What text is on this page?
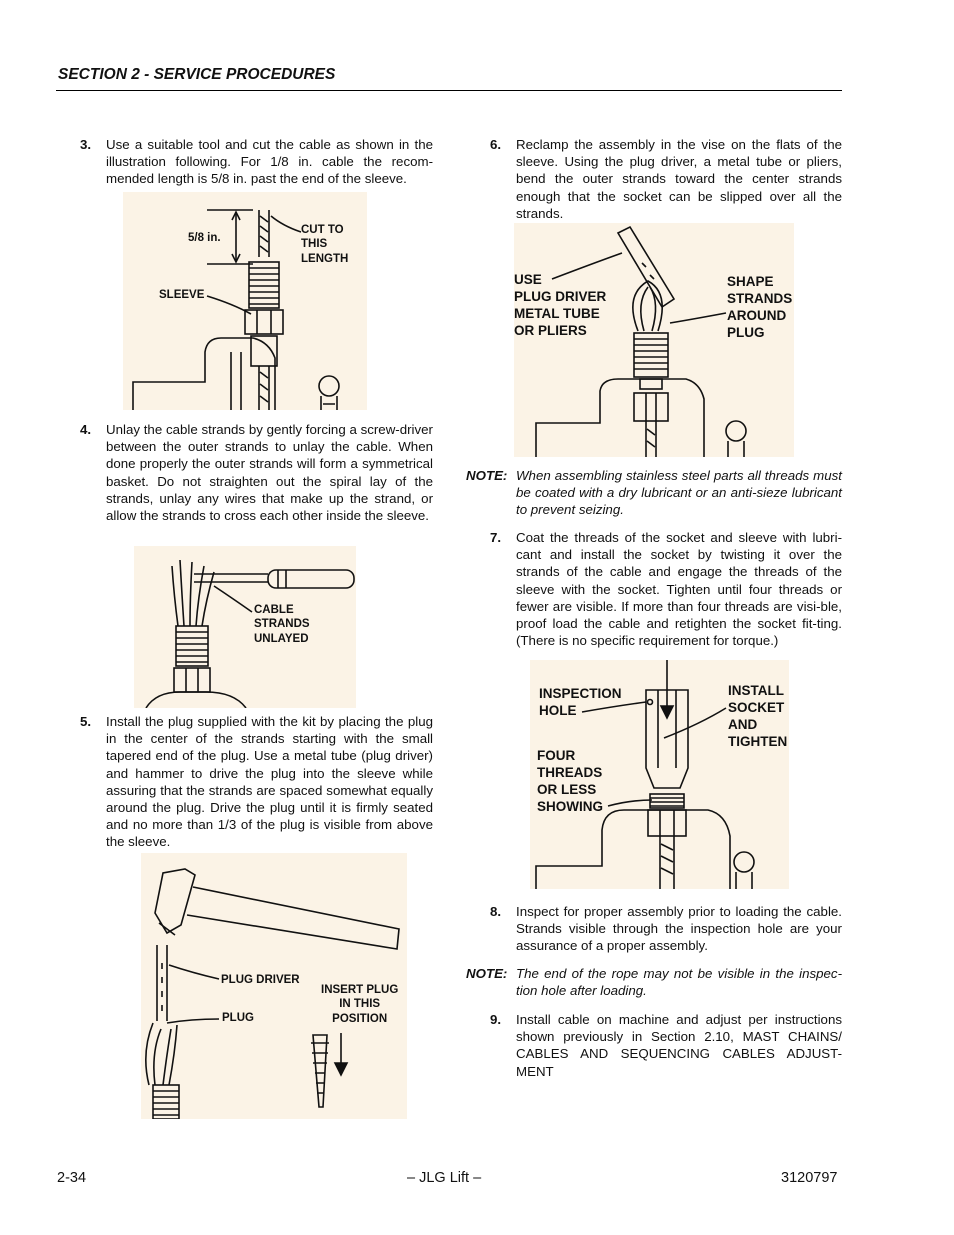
SECTION 2 - SERVICE PROCEDURES
3. Use a suitable tool and cut the cable as shown in the illustration following. For 1/8 in. cable the recom-mended length is 5/8 in. past the end of the sleeve.
5/8 in.
CUT TO
THIS
LENGTH
SLEEVE
4. Unlay the cable strands by gently forcing a screw-driver between the outer strands to unlay the cable. When done properly the outer strands will form a symmetrical basket. Do not straighten out the spiral lay of the strands, unlay any wires that make up the strand, or allow the strands to cross each other inside the sleeve.
CABLE
STRANDS
UNLAYED
5. Install the plug supplied with the kit by placing the plug in the center of the strands starting with the small tapered end of the plug. Use a metal tube (plug driver) and hammer to drive the plug into the sleeve while assuring that the strands are spaced somewhat equally around the plug. Drive the plug until it is firmly seated and no more than 1/3 of the plug is visible from above the sleeve.
PLUG DRIVER
PLUG
INSERT PLUG
IN THIS
POSITION
6. Reclamp the assembly in the vise on the flats of the sleeve. Using the plug driver, a metal tube or pliers, bend the outer strands toward the center strands enough that the socket can be slipped over all the strands.
USE
PLUG DRIVER
METAL TUBE
OR PLIERS
SHAPE
STRANDS
AROUND
PLUG
NOTE: When assembling stainless steel parts all threads must be coated with a dry lubricant or an anti-sieze lubricant to prevent seizing.
7. Coat the threads of the socket and sleeve with lubri-cant and install the socket by twisting it over the strands of the cable and engage the threads of the sleeve with the socket. Tighten until four threads or fewer are visible. If more than four threads are visi-ble, proof load the cable and retighten the socket fit-ting. (There is no specific requirement for torque.)
INSPECTION
HOLE
INSTALL
SOCKET
AND
TIGHTEN
FOUR
THREADS
OR LESS
SHOWING
8. Inspect for proper assembly prior to loading the cable. Strands visible through the inspection hole are your assurance of a proper assembly.
NOTE: The end of the rope may not be visible in the inspec-tion hole after loading.
9. Install cable on machine and adjust per instructions shown previously in Section 2.10, MAST CHAINS/ CABLES AND SEQUENCING CABLES ADJUST-MENT
2-34	– JLG Lift –	3120797
